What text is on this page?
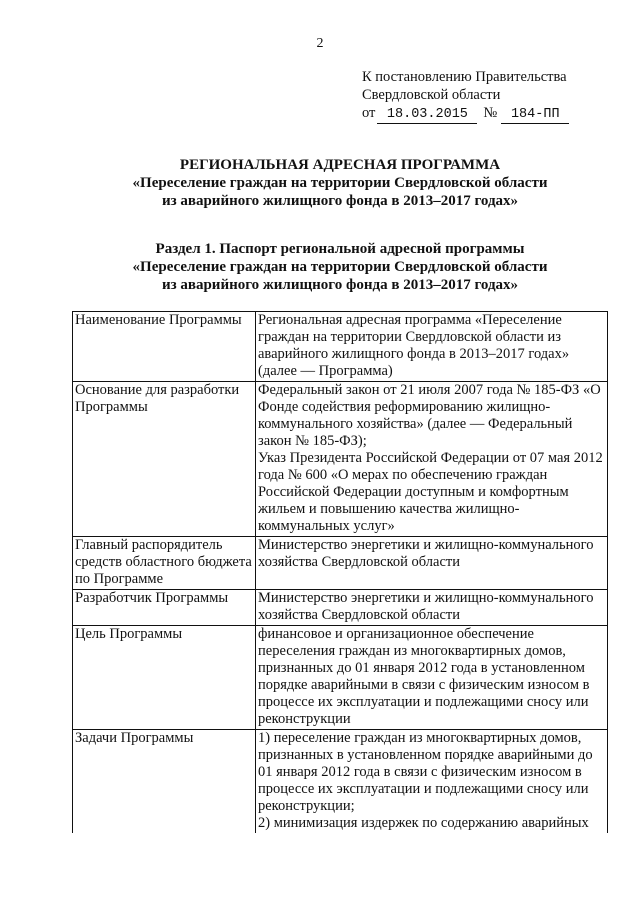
2
К постановлению Правительства
Свердловской области
от 18.03.2015 № 184-ПП
РЕГИОНАЛЬНАЯ АДРЕСНАЯ ПРОГРАММА
«Переселение граждан на территории Свердловской области
из аварийного жилищного фонда в 2013–2017 годах»
Раздел 1. Паспорт региональной адресной программы
«Переселение граждан на территории Свердловской области
из аварийного жилищного фонда в 2013–2017 годах»
Наименование Программы	Региональная адресная программа «Переселение граждан на территории Свердловской области из аварийного жилищного фонда в 2013–2017 годах» (далее — Программа)
Основание для разработки Программы	Федеральный закон от 21 июля 2007 года № 185-ФЗ «О Фонде содействия реформированию жилищно-коммунального хозяйства» (далее — Федеральный закон № 185-ФЗ);
Указ Президента Российской Федерации от 07 мая 2012 года № 600 «О мерах по обеспечению граждан Российской Федерации доступным и комфортным жильем и повышению качества жилищно-коммунальных услуг»

Главный распорядитель средств областного бюджета по Программе	Министерство энергетики и жилищно-коммунального хозяйства Свердловской области
Разработчик Программы	Министерство энергетики и жилищно-коммунального хозяйства Свердловской области
Цель Программы	финансовое и организационное обеспечение переселения граждан из многоквартирных домов, признанных до 01 января 2012 года в установленном порядке аварийными в связи с физическим износом в процессе их эксплуатации и подлежащими сносу или реконструкции
Задачи Программы	1) переселение граждан из многоквартирных домов, признанных в установленном порядке аварийными до 01 января 2012 года в связи с физическим износом в процессе их эксплуатации и подлежащими сносу или реконструкции;
2) минимизация издержек по содержанию аварийных
